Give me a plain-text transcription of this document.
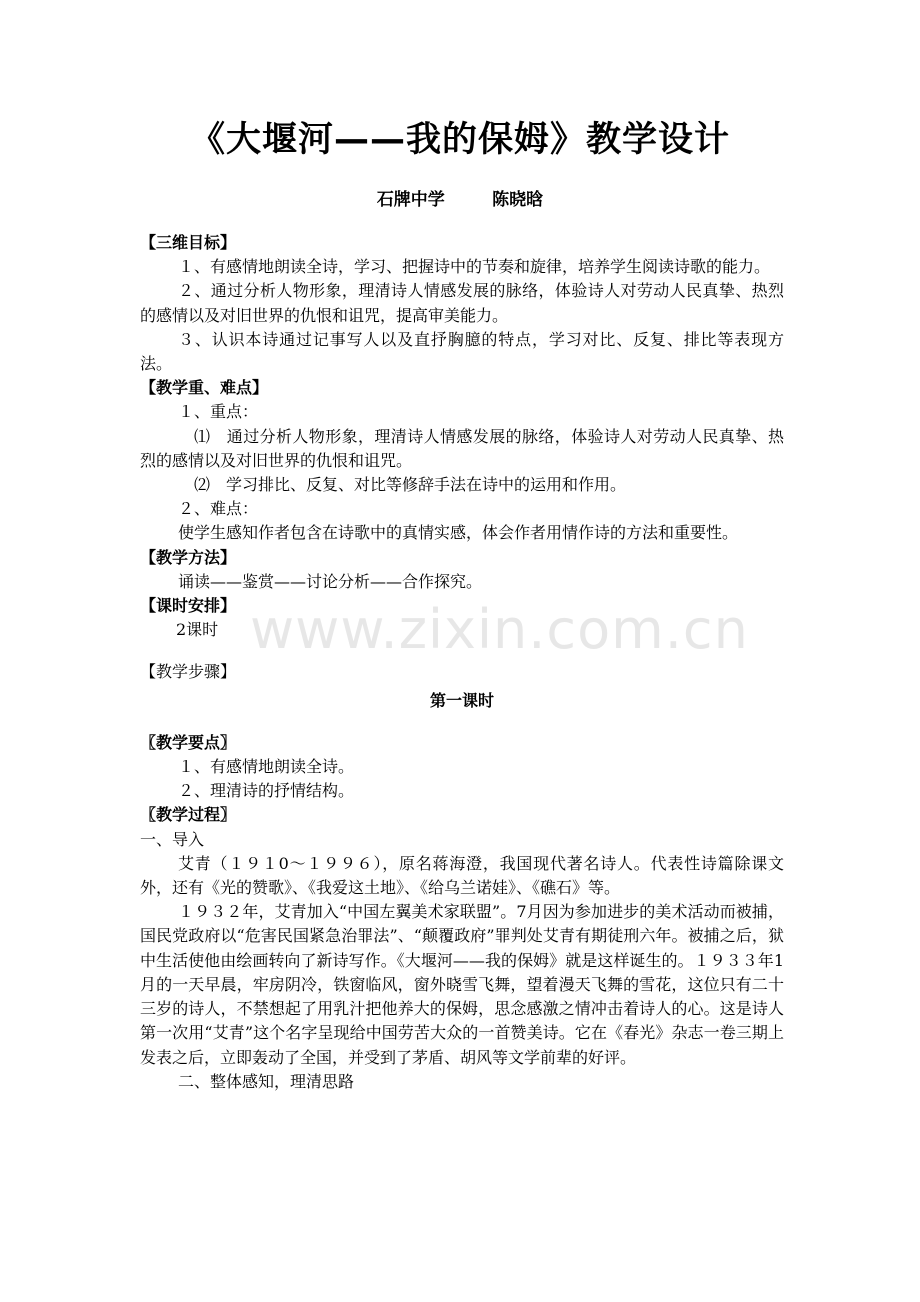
《大堰河——我的保姆》教学设计
石牌中学	陈晓晗

【三维目标】

１、有感情地朗读全诗，学习、把握诗中的节奏和旋律，培养学生阅读诗歌的能力。

２、通过分析人物形象，理清诗人情感发展的脉络，体验诗人对劳动人民真挚、热烈的感情以及对旧世界的仇恨和诅咒，提高审美能力。

３、认识本诗通过记事写人以及直抒胸臆的特点，学习对比、反复、排比等表现方法。

【教学重、难点】

１、重点：

⑴　通过分析人物形象，理清诗人情感发展的脉络，体验诗人对劳动人民真挚、热烈的感情以及对旧世界的仇恨和诅咒。

⑵　学习排比、反复、对比等修辞手法在诗中的运用和作用。

２、难点：

使学生感知作者包含在诗歌中的真情实感，体会作者用情作诗的方法和重要性。

【教学方法】

诵读——鉴赏——讨论分析——合作探究。

【课时安排】

2课时

【教学步骤】

第一课时

〖教学要点〗

１、有感情地朗读全诗。

２、理清诗的抒情结构。

〖教学过程〗

一、导入

艾青（１９１0～１９９６），原名蒋海澄，我国现代著名诗人。代表性诗篇除课文外，还有《光的赞歌》、《我爱这土地》、《给乌兰诺娃》、《礁石》等。

１９３２年，艾青加入“中国左翼美术家联盟”。7月因为参加进步的美术活动而被捕，国民党政府以“危害民国紧急治罪法”、“颠覆政府”罪判处艾青有期徒刑六年。被捕之后，狱中生活使他由绘画转向了新诗写作。《大堰河——我的保姆》就是这样诞生的。１９３３年1月的一天早晨，牢房阴冷，铁窗临风，窗外晓雪飞舞，望着漫天飞舞的雪花，这位只有二十三岁的诗人，不禁想起了用乳汁把他养大的保姆，思念感激之情冲击着诗人的心。这是诗人第一次用“艾青”这个名字呈现给中国劳苦大众的一首赞美诗。它在《春光》杂志一卷三期上发表之后，立即轰动了全国，并受到了茅盾、胡风等文学前辈的好评。

二、整体感知，理清思路

www.zixin.com.cn
